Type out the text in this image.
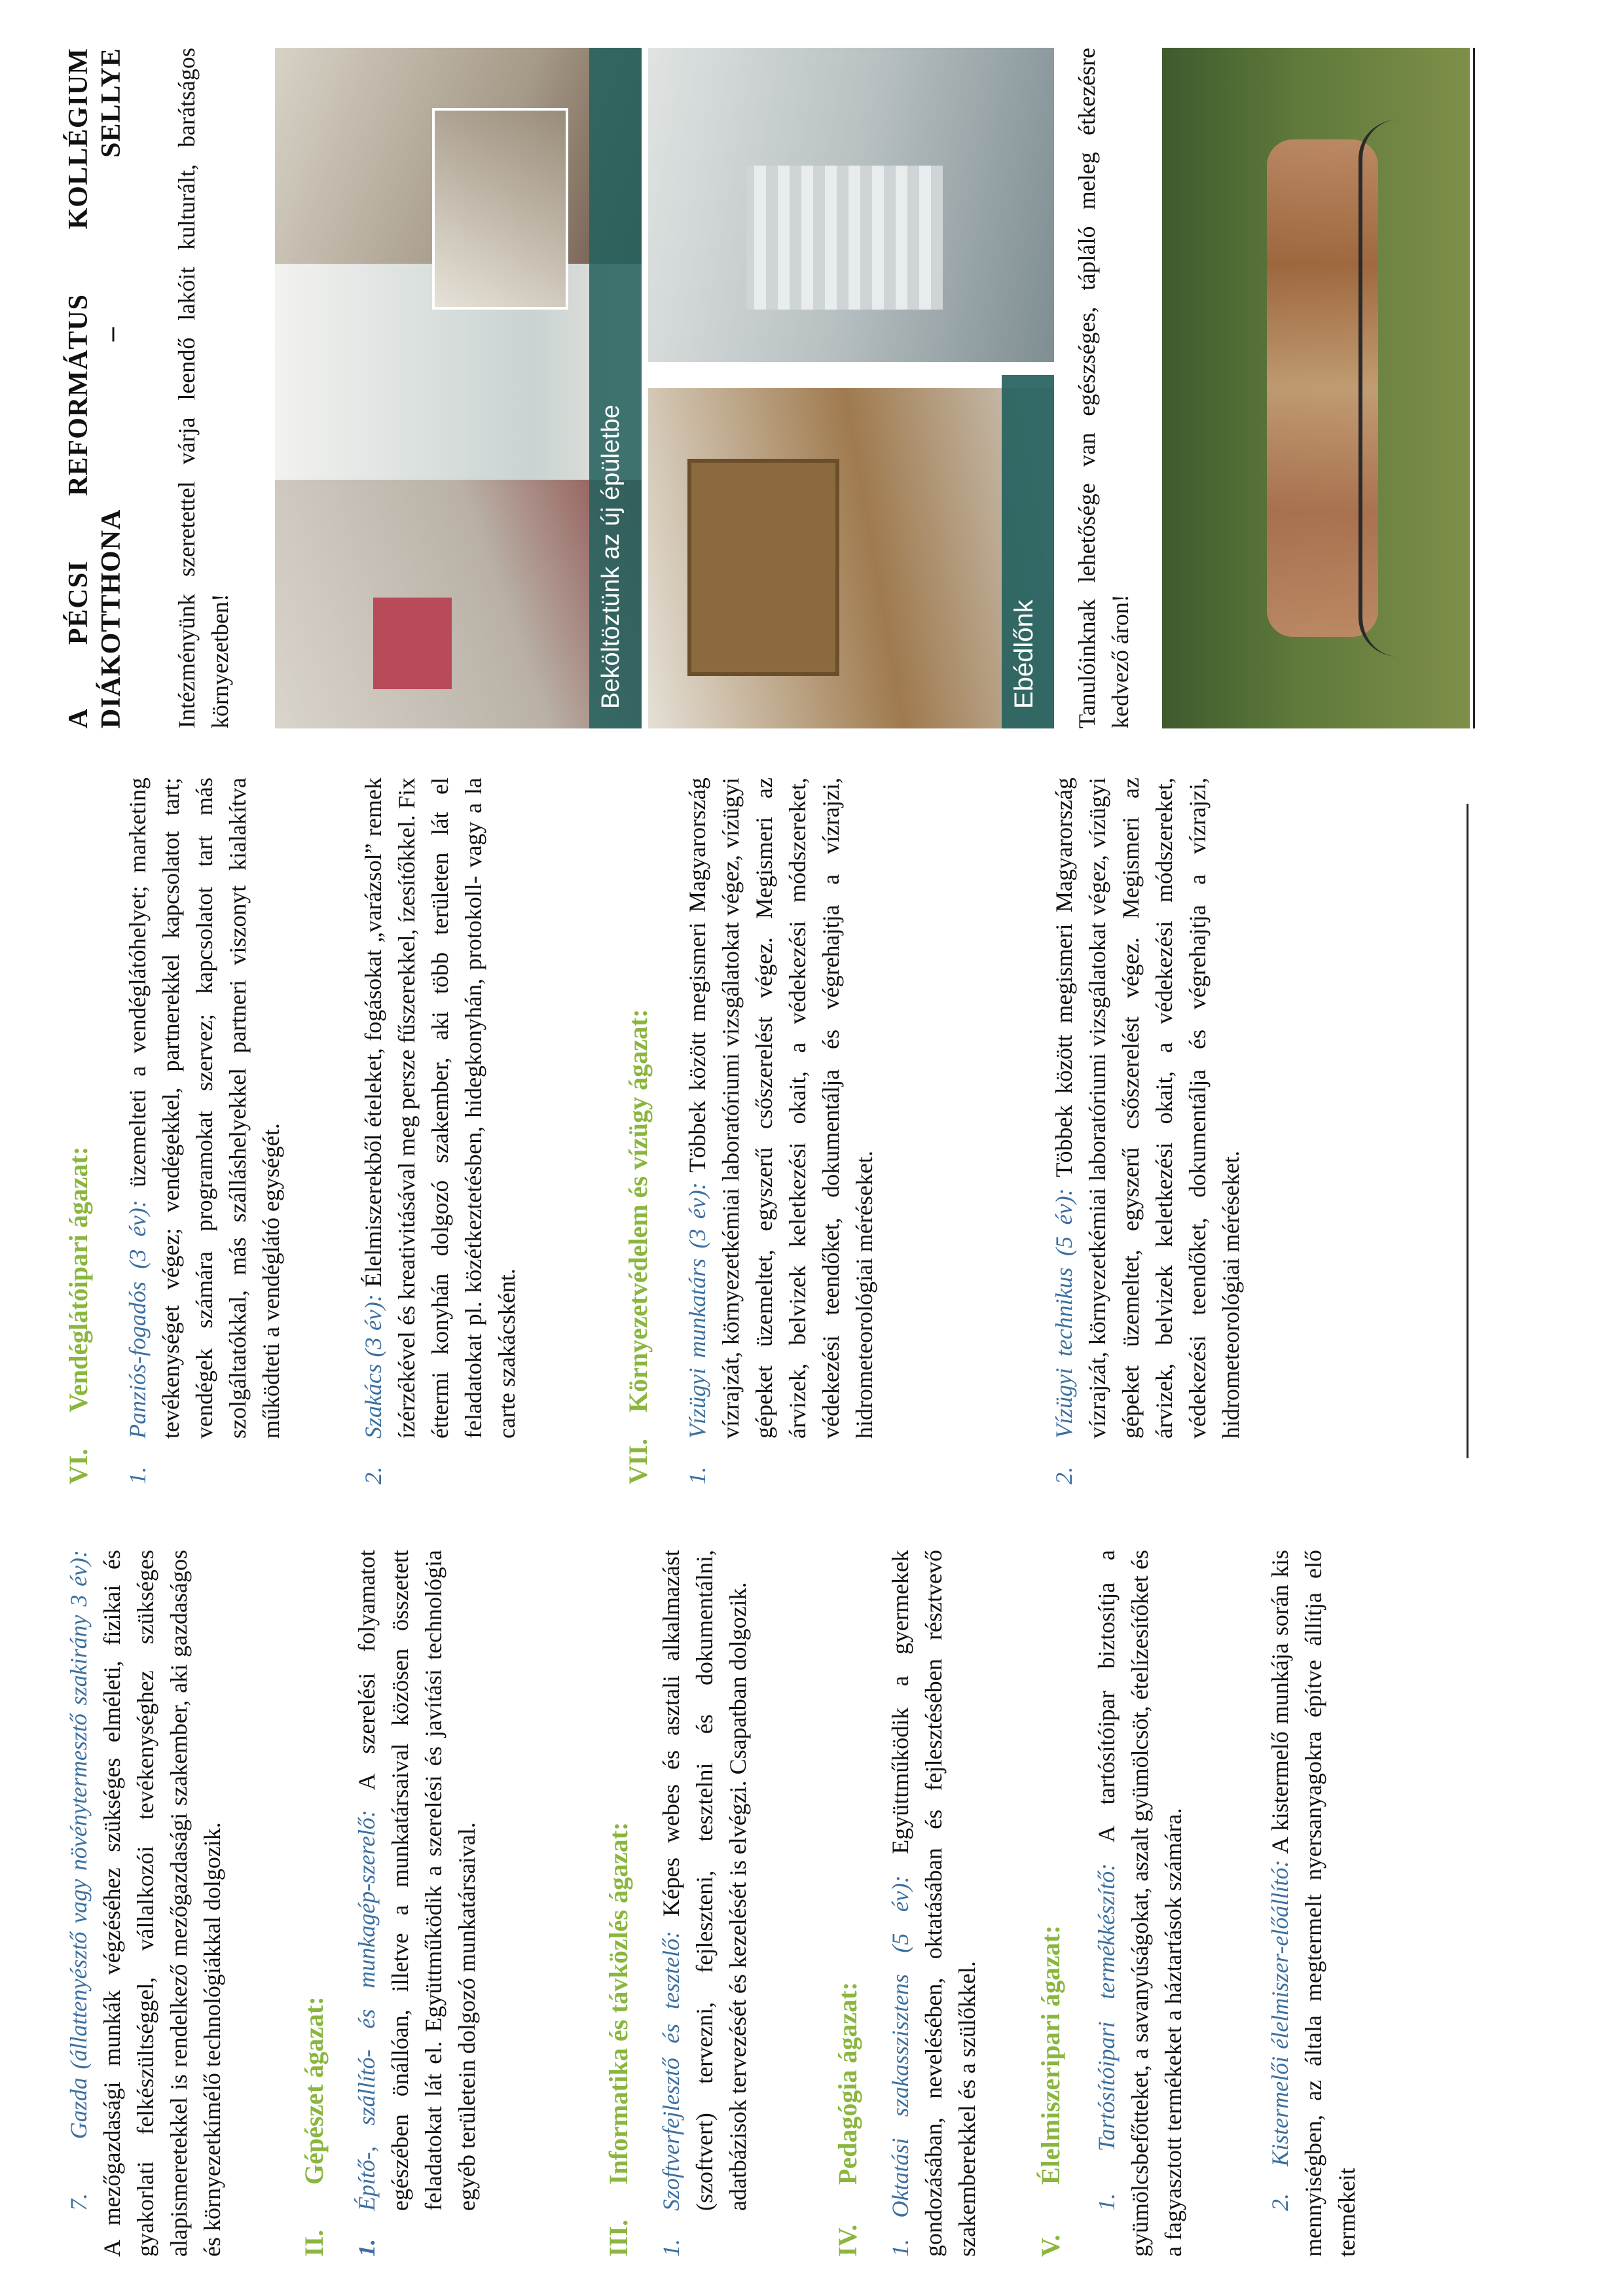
7. Gazda (állattenyésztő vagy növénytermesztő szakirány 3 év): A mezőgazdasági munkák végzéséhez szükséges elméleti, fizikai és gyakorlati felkészültséggel, vállalkozói tevékenységhez szükséges alapismeretekkel is rendelkező mezőgazdasági szakember, aki gazdaságos és környezetkímélő technológiákkal dolgozik.	II.Gépészet ágazat:
1.
Építő-, szállító- és munkagép-szerelő: A szerelési folyamatot egészében önállóan, illetve a munkatársaival közösen összetett feladatokat lát el. Együttműködik a szerelési és javítási technológia egyéb területein dolgozó munkatársaival.
III.Informatika és távközlés ágazat:
1.
Szoftverfejlesztő és tesztelő: Képes webes és asztali alkalmazást (szoftvert) tervezni, fejleszteni, tesztelni és dokumentálni, adatbázisok tervezését és kezelését is elvégzi. Csapatban dolgozik.
IV.Pedagógia ágazat: 1. Oktatási szakasszisztens (5 év): Együttműködik a gyermekek gondozásában, nevelésében, oktatásában és fejlesztésében résztvevő szakemberekkel és a szülőkkel. V.Élelmiszeripari ágazat:
1. Tartósítóipari termékkészítő: A tartósítóipar biztosítja a gyümölcsbefőtteket, a savanyúságokat, aszalt gyümölcsöt, ételízesítőket és a fagyasztott termékeket a háztartások számára.	2. Kistermelői élelmiszer-előállító: A kistermelő munkája során kis mennyiségben, az általa megtermelt nyersanyagokra építve állítja elő termékeit
VI.Vendéglátóipari ágazat:
1.
Panziós-fogadós (3 év): üzemelteti a vendéglátóhelyet; marketing tevékenységet végez; vendégekkel, partnerekkel kapcsolatot tart; vendégek számára programokat szervez; kapcsolatot tart más szolgáltatókkal, más szálláshelyekkel partneri viszonyt kialakítva működteti a vendéglátó egységét.
2.
Szakács (3 év): Élelmiszerekből ételeket, fogásokat „varázsol” remek ízérzékével és kreativitásával meg persze fűszerekkel, ízesítőkkel. Fix éttermi konyhán dolgozó szakember, aki több területen lát el feladatokat pl. közétkeztetésben, hidegkonyhán, protokoll- vagy a la carte szakácsként.
VII.Környezetvédelem és vízügy ágazat:
1.
Vízügyi munkatárs (3 év): Többek között megismeri Magyarország vízrajzát, környezetkémiai laboratóriumi vizsgálatokat végez, vízügyi gépeket üzemeltet, egyszerű csőszerelést végez. Megismeri az árvizek, belvizek keletkezési okait, a védekezési módszereket, védekezési teendőket, dokumentálja és végrehajtja a vízrajzi, hidrometeorológiai méréseket.
2.
Vízügyi technikus (5 év): Többek között megismeri Magyarország vízrajzát, környezetkémiai laboratóriumi vizsgálatokat végez, vízügyi gépeket üzemeltet, egyszerű csőszerelést végez. Megismeri az árvizek, belvizek keletkezési okait, a védekezési módszereket, védekezési teendőket, dokumentálja és végrehajtja a vízrajzi, hidrometeorológiai méréseket.
A PÉCSI REFORMÁTUS KOLLÉGIUM DIÁKOTTHONA – SELLYE Intézményünk szeretettel várja leendő lakóit kulturált, barátságos környezetben!	Beköltöztünk az új épületbe	Ebédlőnk Tanulóinknak lehetősége van egészséges, tápláló meleg étkezésre kedvező áron!
